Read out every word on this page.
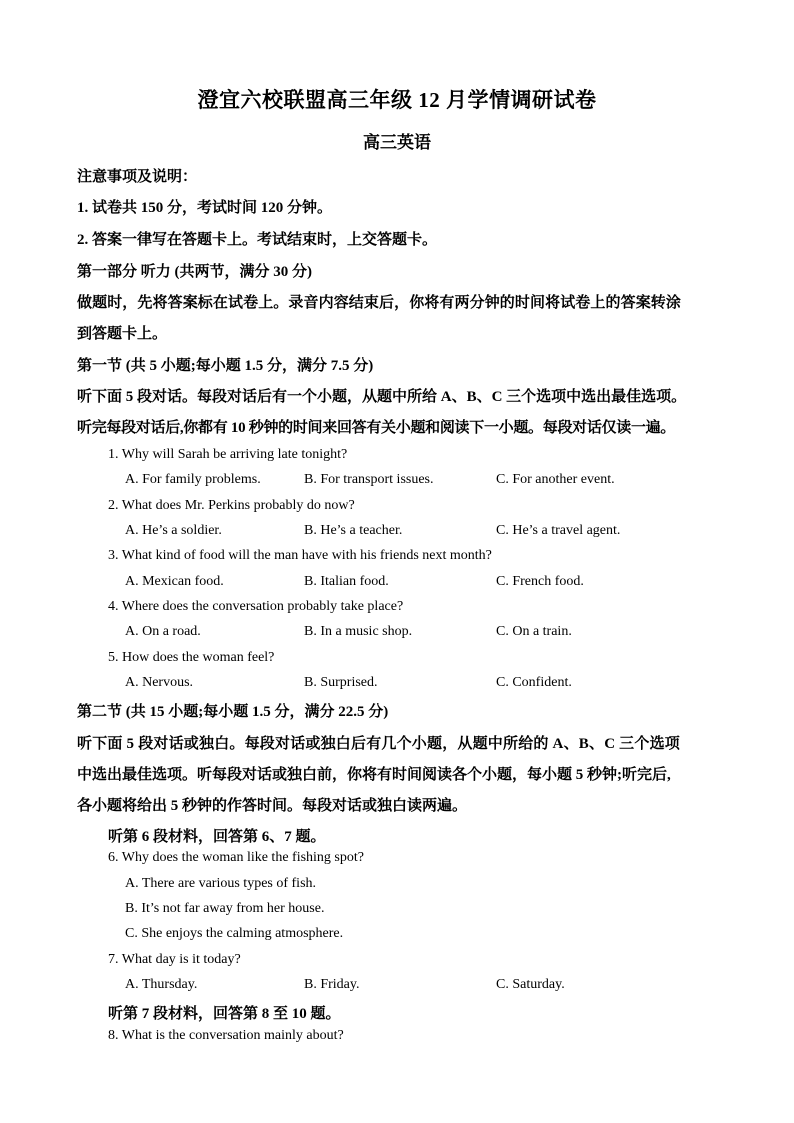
澄宜六校联盟高三年级 12 月学情调研试卷
高三英语
注意事项及说明：
1. 试卷共 150 分，考试时间 120 分钟。
2. 答案一律写在答题卡上。考试结束时，上交答题卡。
第一部分 听力 (共两节，满分 30 分)
做题时，先将答案标在试卷上。录音内容结束后，你将有两分钟的时间将试卷上的答案转涂
到答题卡上。
第一节 (共 5 小题;每小题 1.5 分，满分 7.5 分)
听下面 5 段对话。每段对话后有一个小题，从题中所给 A、B、C 三个选项中选出最佳选项。
听完每段对话后,你都有 10 秒钟的时间来回答有关小题和阅读下一小题。每段对话仅读一遍。
1. Why will Sarah be arriving late tonight?
A. For family problems.	B. For transport issues.	C. For another event.
2. What does Mr. Perkins probably do now?
A. He’s a soldier.	B. He’s a teacher.	C. He’s a travel agent.
3. What kind of food will the man have with his friends next month?
A. Mexican food.	B. Italian food.	C. French food.
4. Where does the conversation probably take place?
A. On a road.	B. In a music shop.	C. On a train.
5. How does the woman feel?
A. Nervous.	B. Surprised.	C. Confident.
第二节 (共 15 小题;每小题 1.5 分，满分 22.5 分)
听下面 5 段对话或独白。每段对话或独白后有几个小题，从题中所给的 A、B、C 三个选项
中选出最佳选项。听每段对话或独白前，你将有时间阅读各个小题，每小题 5 秒钟;听完后,
各小题将给出 5 秒钟的作答时间。每段对话或独白读两遍。
听第 6 段材料，回答第 6、7 题。
6. Why does the woman like the fishing spot?
A. There are various types of fish.
B. It’s not far away from her house.
C. She enjoys the calming atmosphere.
7. What day is it today?
A. Thursday.	B. Friday.	C. Saturday.
听第 7 段材料，回答第 8 至 10 题。
8. What is the conversation mainly about?
